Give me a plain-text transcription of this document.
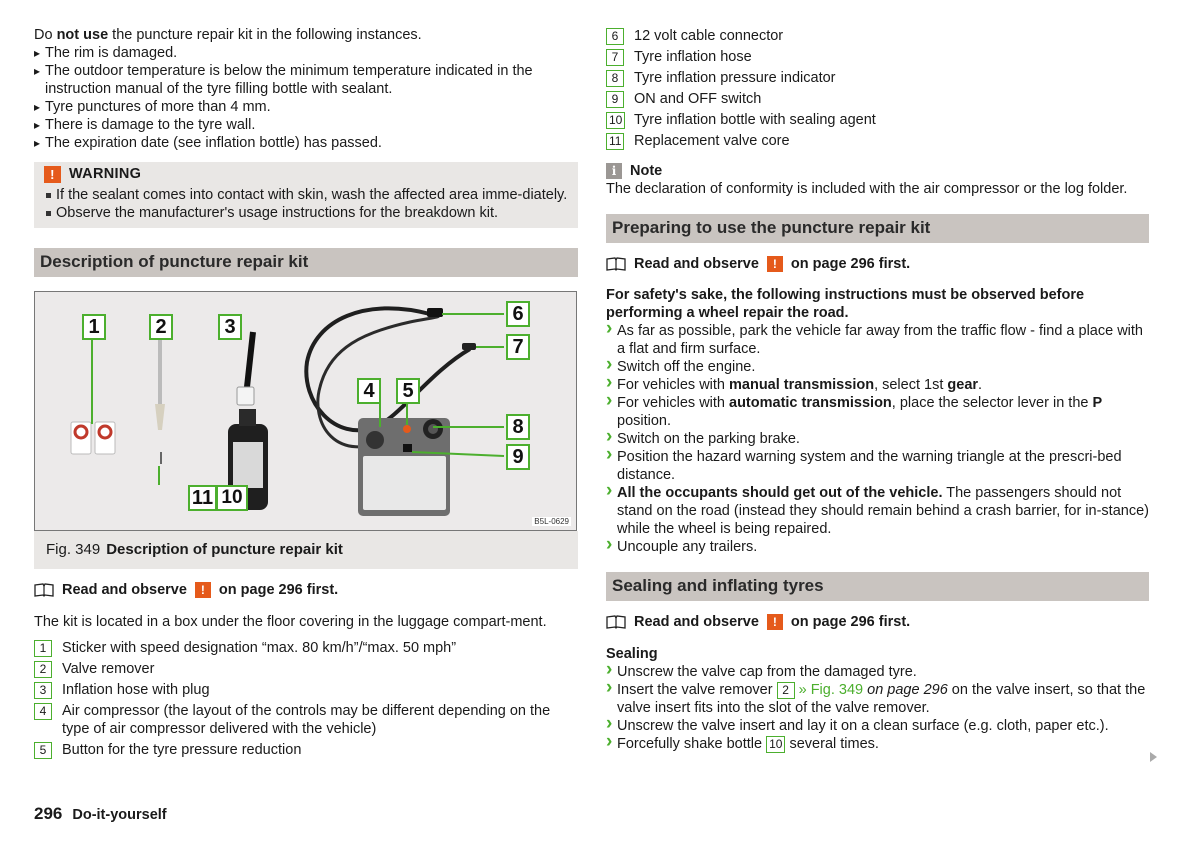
Do not use the puncture repair kit in the following instances.

▸ The rim is damaged.
▸ The outdoor temperature is below the minimum temperature indicated in the instruction manual of the tyre filling bottle with sealant.
▸ Tyre punctures of more than 4 mm.
▸ There is damage to the tyre wall.
▸ The expiration date (see inflation bottle) has passed.
! WARNING
If the sealant comes into contact with skin, wash the affected area imme-diately.
Observe the manufacturer's usage instructions for the breakdown kit.
Description of puncture repair kit
1	2	3
4	5
6
7
8
9
11 10
B5L-0629
Fig. 349 Description of puncture repair kit
Read and observe	! on page 296 first.

The kit is located in a box under the floor covering in the luggage compart-ment.

1	Sticker with speed designation “max. 80 km/h”/“max. 50 mph”
2	Valve remover
3	Inflation hose with plug
4	Air compressor (the layout of the controls may be different depending on the type of air compressor delivered with the vehicle)
5	Button for the tyre pressure reduction
6	12 volt cable connector
7	Tyre inflation hose
8	Tyre inflation pressure indicator
9	ON and OFF switch
10 Tyre inflation bottle with sealing agent
11 Replacement valve core
i Note

The declaration of conformity is included with the air compressor or the log folder.

Preparing to use the puncture repair kit
Read and observe	! on page 296 first.

For safety's sake, the following instructions must be observed before performing a wheel repair the road.

› As far as possible, park the vehicle far away from the traffic flow - find a place with a flat and firm surface.
› Switch off the engine.
› For vehicles with manual transmission, select 1st gear.
› For vehicles with automatic transmission, place the selector lever in the P position.
› Switch on the parking brake.
› Position the hazard warning system and the warning triangle at the prescri-bed distance.
› All the occupants should get out of the vehicle. The passengers should not stand on the road (instead they should remain behind a crash barrier, for in-stance) while the wheel is being repaired.
› Uncouple any trailers.
Sealing and inflating tyres
Read and observe	! on page 296 first.

Sealing

› Unscrew the valve cap from the damaged tyre.
› Insert the valve remover 2 » Fig. 349 on page 296 on the valve insert, so that the valve insert fits into the slot of the valve remover.
› Unscrew the valve insert and lay it on a clean surface (e.g. cloth, paper etc.).
› Forcefully shake bottle 10 several times.
296 Do-it-yourself
